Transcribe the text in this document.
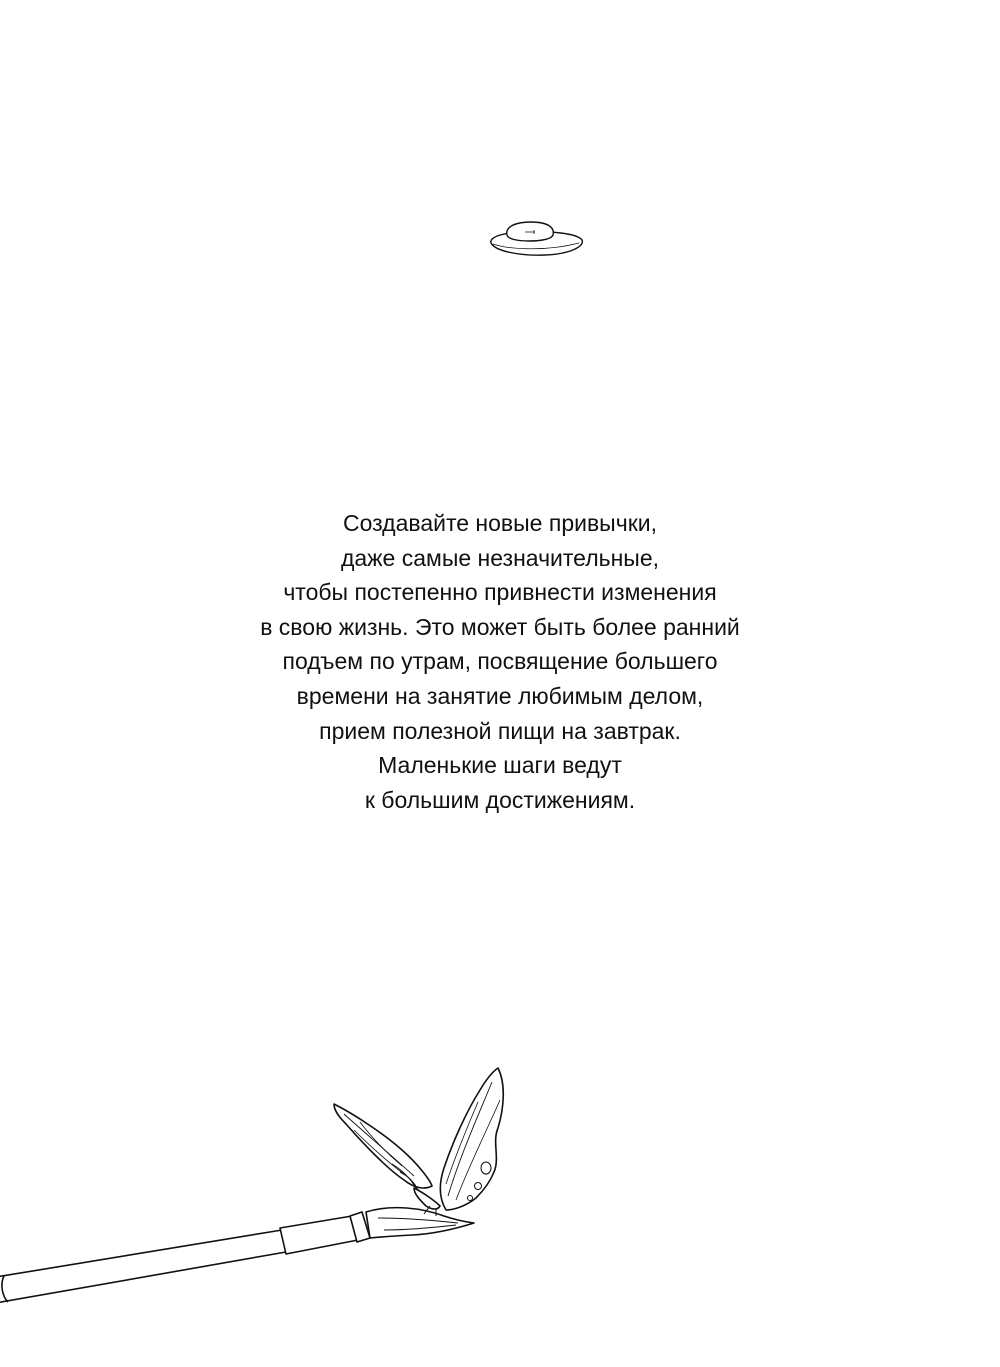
Создавайте новые привычки,
даже самые незначительные,
чтобы постепенно привнести изменения
в свою жизнь. Это может быть более ранний
подъем по утрам, посвящение большего
времени на занятие любимым делом,
прием полезной пищи на завтрак.
Маленькие шаги ведут
к большим достижениям.
